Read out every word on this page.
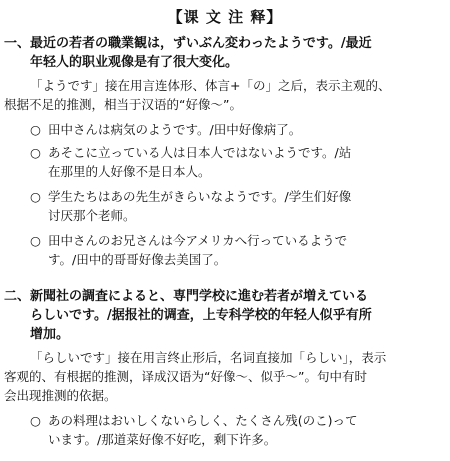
【课 文 注 释】
一、最近の若者の職業観は，ずいぶん変わったようです。/最近
年轻人的职业观像是有了很大变化。
「ようです」接在用言连体形、体言+「の」之后，表示主观的、
根据不足的推测，相当于汉语的“好像～”。
○ 田中さんは病気のようです。/田中好像病了。
○ あそこに立っている人は日本人ではないようです。/站
在那里的人好像不是日本人。
○ 学生たちはあの先生がきらいなようです。/学生们好像
讨厌那个老师。
○ 田中さんのお兄さんは今アメリカへ行っているようで
す。/田中的哥哥好像去美国了。
二、新聞社の調査によると、専門学校に進む若者が増えている
らしいです。/据报社的调查，上专科学校的年轻人似乎有所
增加。
「らしいです」接在用言终止形后，名词直接加「らしい」，表示
客观的、有根据的推测，译成汉语为“好像～、似乎～”。句中有时
会出现推测的依据。
○ あの料理はおいしくないらしく、たくさん残(のこ)って
います。/那道菜好像不好吃，剩下许多。
